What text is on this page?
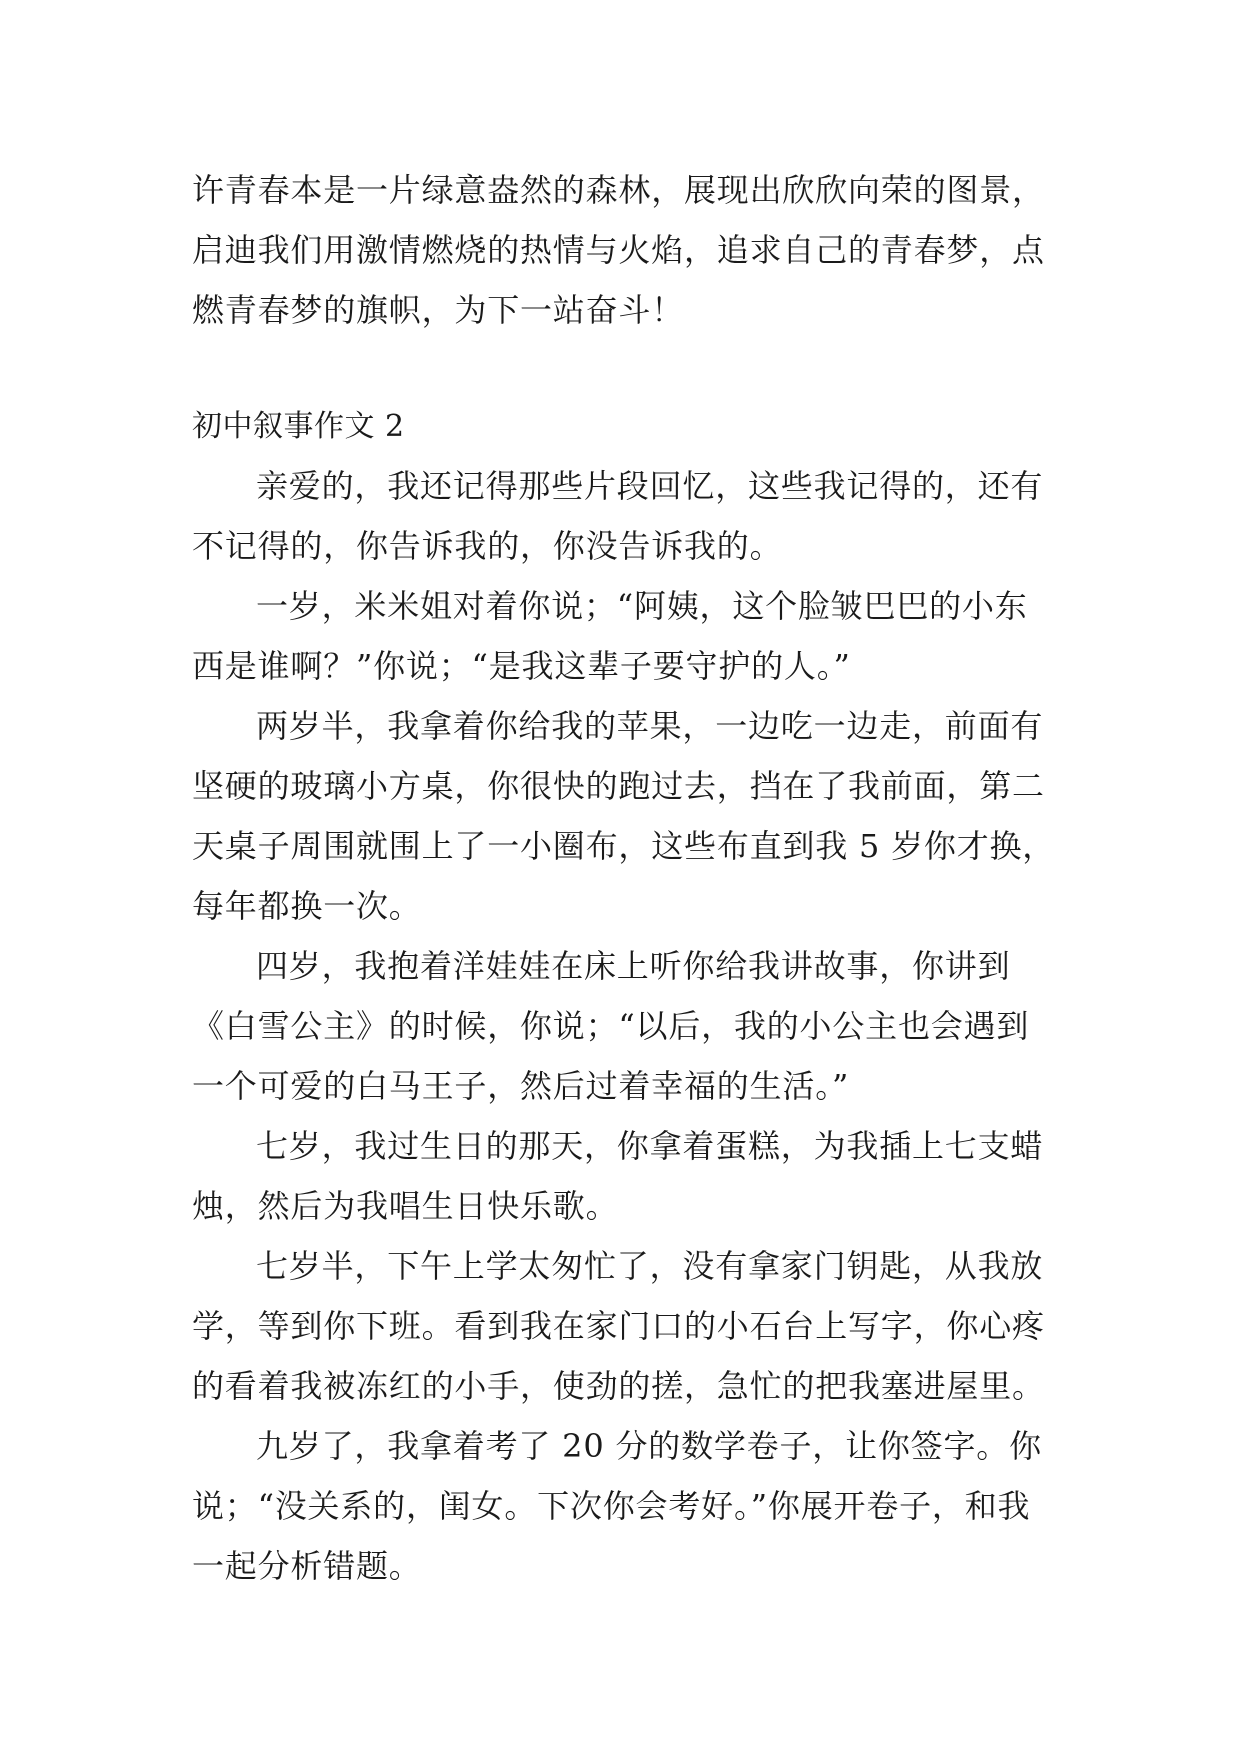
许青春本是一片绿意盎然的森林，展现出欣欣向荣的图景，

启迪我们用激情燃烧的热情与火焰，追求自己的青春梦，点

燃青春梦的旗帜，为下一站奋斗！

初中叙事作文 2

亲爱的，我还记得那些片段回忆，这些我记得的，还有

不记得的，你告诉我的，你没告诉我的。

一岁，米米姐对着你说；“阿姨，这个脸皱巴巴的小东

西是谁啊？”你说；“是我这辈子要守护的人。”

两岁半，我拿着你给我的苹果，一边吃一边走，前面有

坚硬的玻璃小方桌，你很快的跑过去，挡在了我前面，第二

天桌子周围就围上了一小圈布，这些布直到我 5 岁你才换，

每年都换一次。

四岁，我抱着洋娃娃在床上听你给我讲故事，你讲到

《白雪公主》的时候，你说；“以后，我的小公主也会遇到

一个可爱的白马王子，然后过着幸福的生活。”

七岁，我过生日的那天，你拿着蛋糕，为我插上七支蜡

烛，然后为我唱生日快乐歌。

七岁半，下午上学太匆忙了，没有拿家门钥匙，从我放

学，等到你下班。看到我在家门口的小石台上写字，你心疼

的看着我被冻红的小手，使劲的搓，急忙的把我塞进屋里。

九岁了，我拿着考了 20 分的数学卷子，让你签字。你

说；“没关系的，闺女。下次你会考好。”你展开卷子，和我

一起分析错题。
